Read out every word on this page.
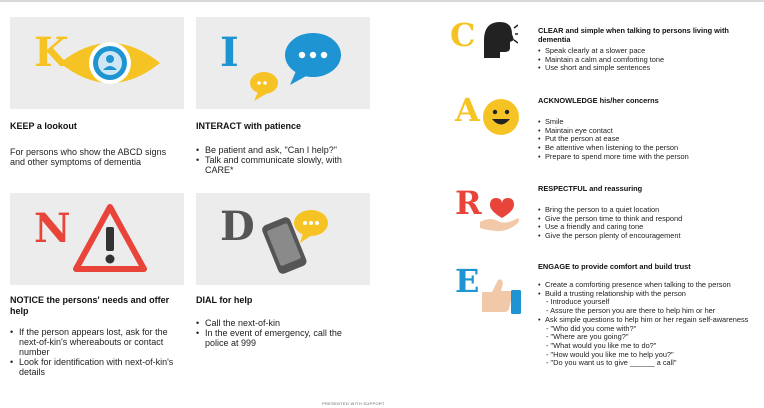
K
KEEP a lookout
For persons who show the ABCD signs and other symptoms of dementia
I
INTERACT with patience
• Be patient and ask, "Can I help?"
• Talk and communicate slowly, with CARE*
N
NOTICE the persons' needs and offer help
• If the person appears lost, ask for the next-of-kin's whereabouts or contact number
• Look for identification with next-of-kin's details
D
DIAL for help
• Call the next-of-kin
• In the event of emergency, call the police at 999
C	CLEAR and simple when talking to persons living with dementia
• Speak clearly at a slower pace
• Maintain a calm and comforting tone
• Use short and simple sentences
A	ACKNOWLEDGE his/her concerns
• Smile
• Maintain eye contact
• Put the person at ease
• Be attentive when listening to the person
• Prepare to spend more time with the person
R	RESPECTFUL and reassuring
• Bring the person to a quiet location
• Give the person time to think and respond
• Use a friendly and caring tone
• Give the person plenty of encouragement
E	ENGAGE to provide comfort and build trust
• Create a comforting presence when talking to the person
• Build a trusting relationship with the person
- Introduce yourself
- Assure the person you are there to help him or her
• Ask simple questions to help him or her regain self-awareness
- "Who did you come with?"
- "Where are you going?"
- "What would you like me to do?"
- "How would you like me to help you?"
- "Do you want us to give ______ a call"
PRESENTED WITH SUPPORT
